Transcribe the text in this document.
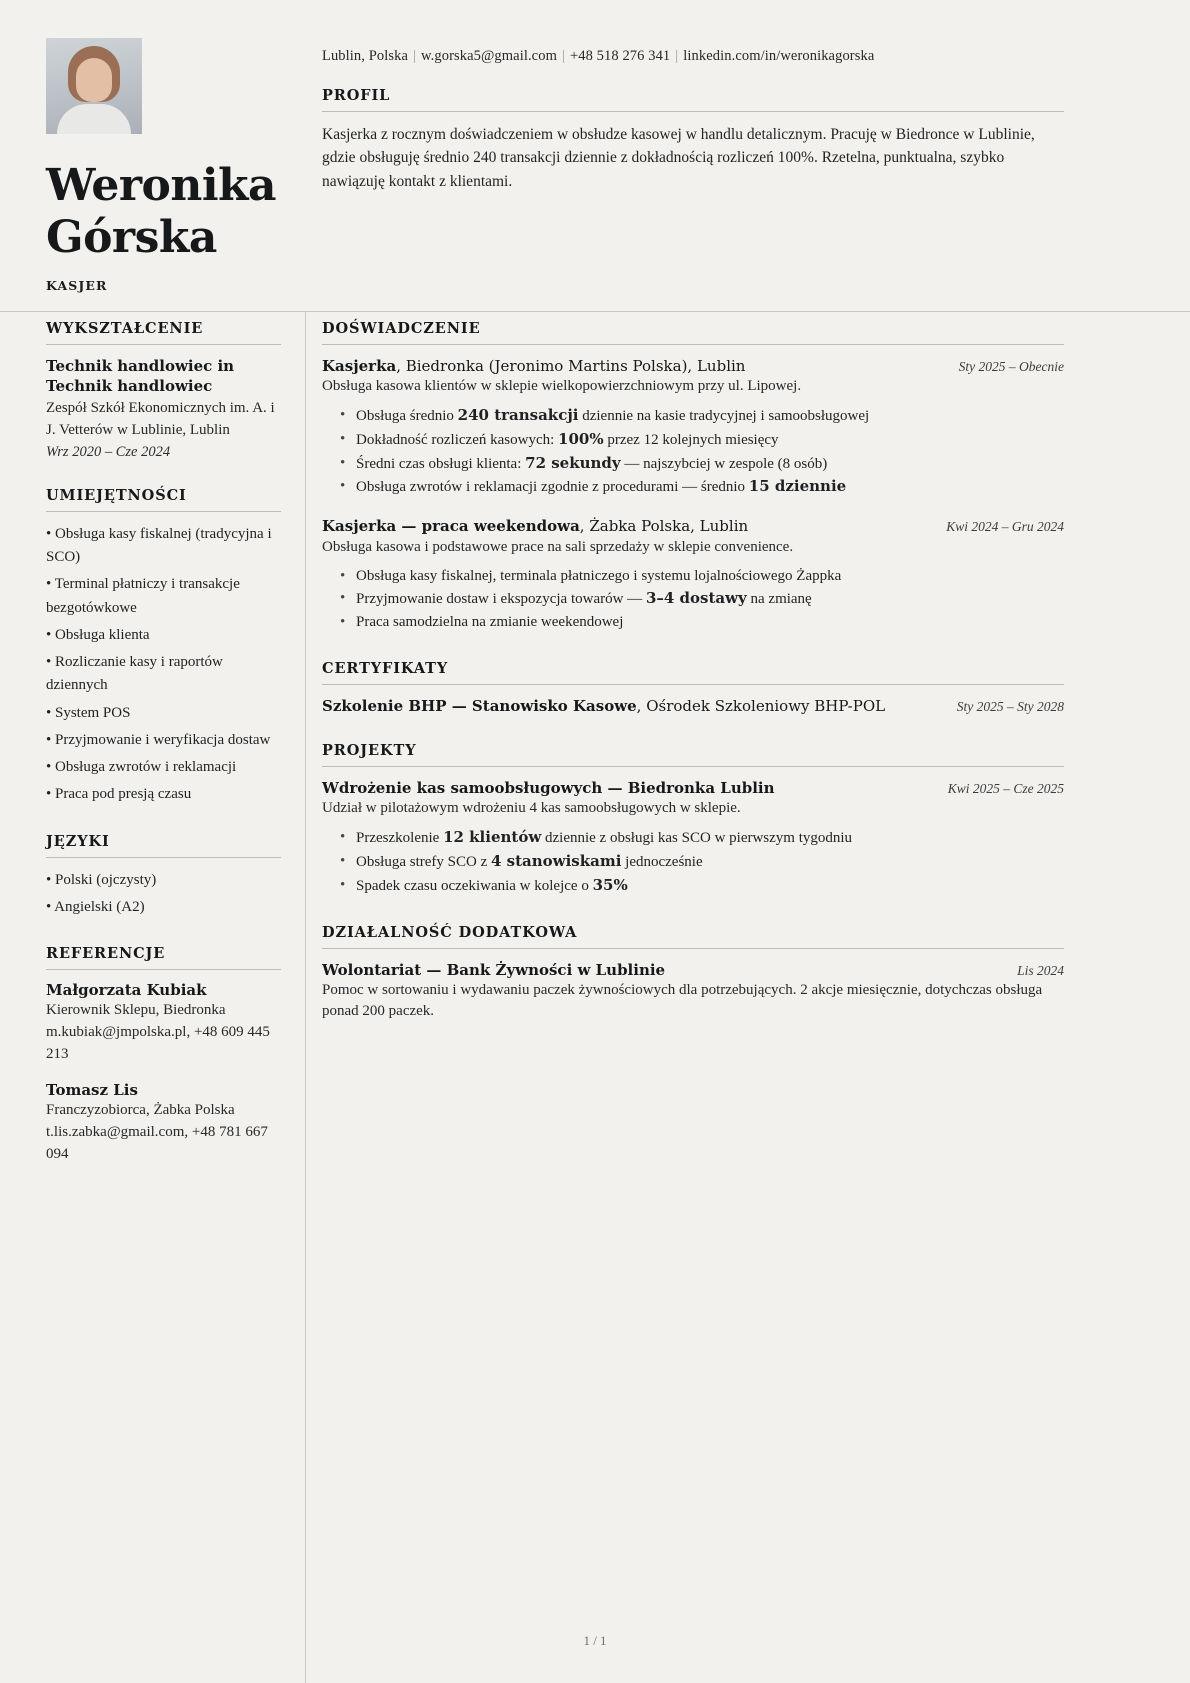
Weronika Górska
KASJER
Lublin, Polska | w.gorska5@gmail.com | +48 518 276 341 | linkedin.com/in/weronikagorska
PROFIL
Kasjerka z rocznym doświadczeniem w obsłudze kasowej w handlu detalicznym. Pracuję w Biedronce w Lublinie, gdzie obsługuję średnio 240 transakcji dziennie z dokładnością rozliczeń 100%. Rzetelna, punktualna, szybko nawiązuję kontakt z klientami.
WYKSZTAŁCENIE
Technik handlowiec in Technik handlowiec
Zespół Szkół Ekonomicznych im. A. i J. Vetterów w Lublinie, Lublin
Wrz 2020 – Cze 2024
UMIEJĘTNOŚCI
• Obsługa kasy fiskalnej (tradycyjna i SCO)
• Terminal płatniczy i transakcje bezgotówkowe
• Obsługa klienta
• Rozliczanie kasy i raportów dziennych
• System POS
• Przyjmowanie i weryfikacja dostaw
• Obsługa zwrotów i reklamacji
• Praca pod presją czasu
JĘZYKI
• Polski (ojczysty)
• Angielski (A2)
REFERENCJE
Małgorzata Kubiak
Kierownik Sklepu, Biedronka m.kubiak@jmpolska.pl, +48 609 445 213
Tomasz Lis
Franczyzobiorca, Żabka Polska t.lis.zabka@gmail.com, +48 781 667 094
DOŚWIADCZENIE
Kasjerka, Biedronka (Jeronimo Martins Polska), Lublin	Sty 2025 – Obecnie
Obsługa kasowa klientów w sklepie wielkopowierzchniowym przy ul. Lipowej.
• Obsługa średnio 240 transakcji dziennie na kasie tradycyjnej i samoobsługowej
• Dokładność rozliczeń kasowych: 100% przez 12 kolejnych miesięcy
• Średni czas obsługi klienta: 72 sekundy — najszybciej w zespole (8 osób)
• Obsługa zwrotów i reklamacji zgodnie z procedurami — średnio 15 dziennie
Kasjerka — praca weekendowa, Żabka Polska, Lublin	Kwi 2024 – Gru 2024
Obsługa kasowa i podstawowe prace na sali sprzedaży w sklepie convenience.
• Obsługa kasy fiskalnej, terminala płatniczego i systemu lojalnościowego Żappka
• Przyjmowanie dostaw i ekspozycja towarów — 3–4 dostawy na zmianę
• Praca samodzielna na zmianie weekendowej
CERTYFIKATY
Szkolenie BHP — Stanowisko Kasowe, Ośrodek Szkoleniowy BHP-POL	Sty 2025 – Sty 2028
PROJEKTY
Wdrożenie kas samoobsługowych — Biedronka Lublin	Kwi 2025 – Cze 2025
Udział w pilotażowym wdrożeniu 4 kas samoobsługowych w sklepie.
• Przeszkolenie 12 klientów dziennie z obsługi kas SCO w pierwszym tygodniu
• Obsługa strefy SCO z 4 stanowiskami jednocześnie
• Spadek czasu oczekiwania w kolejce o 35%
DZIAŁALNOŚĆ DODATKOWA
Wolontariat — Bank Żywności w Lublinie	Lis 2024
Pomoc w sortowaniu i wydawaniu paczek żywnościowych dla potrzebujących. 2 akcje miesięcznie, dotychczas obsługa ponad 200 paczek.
1 / 1
